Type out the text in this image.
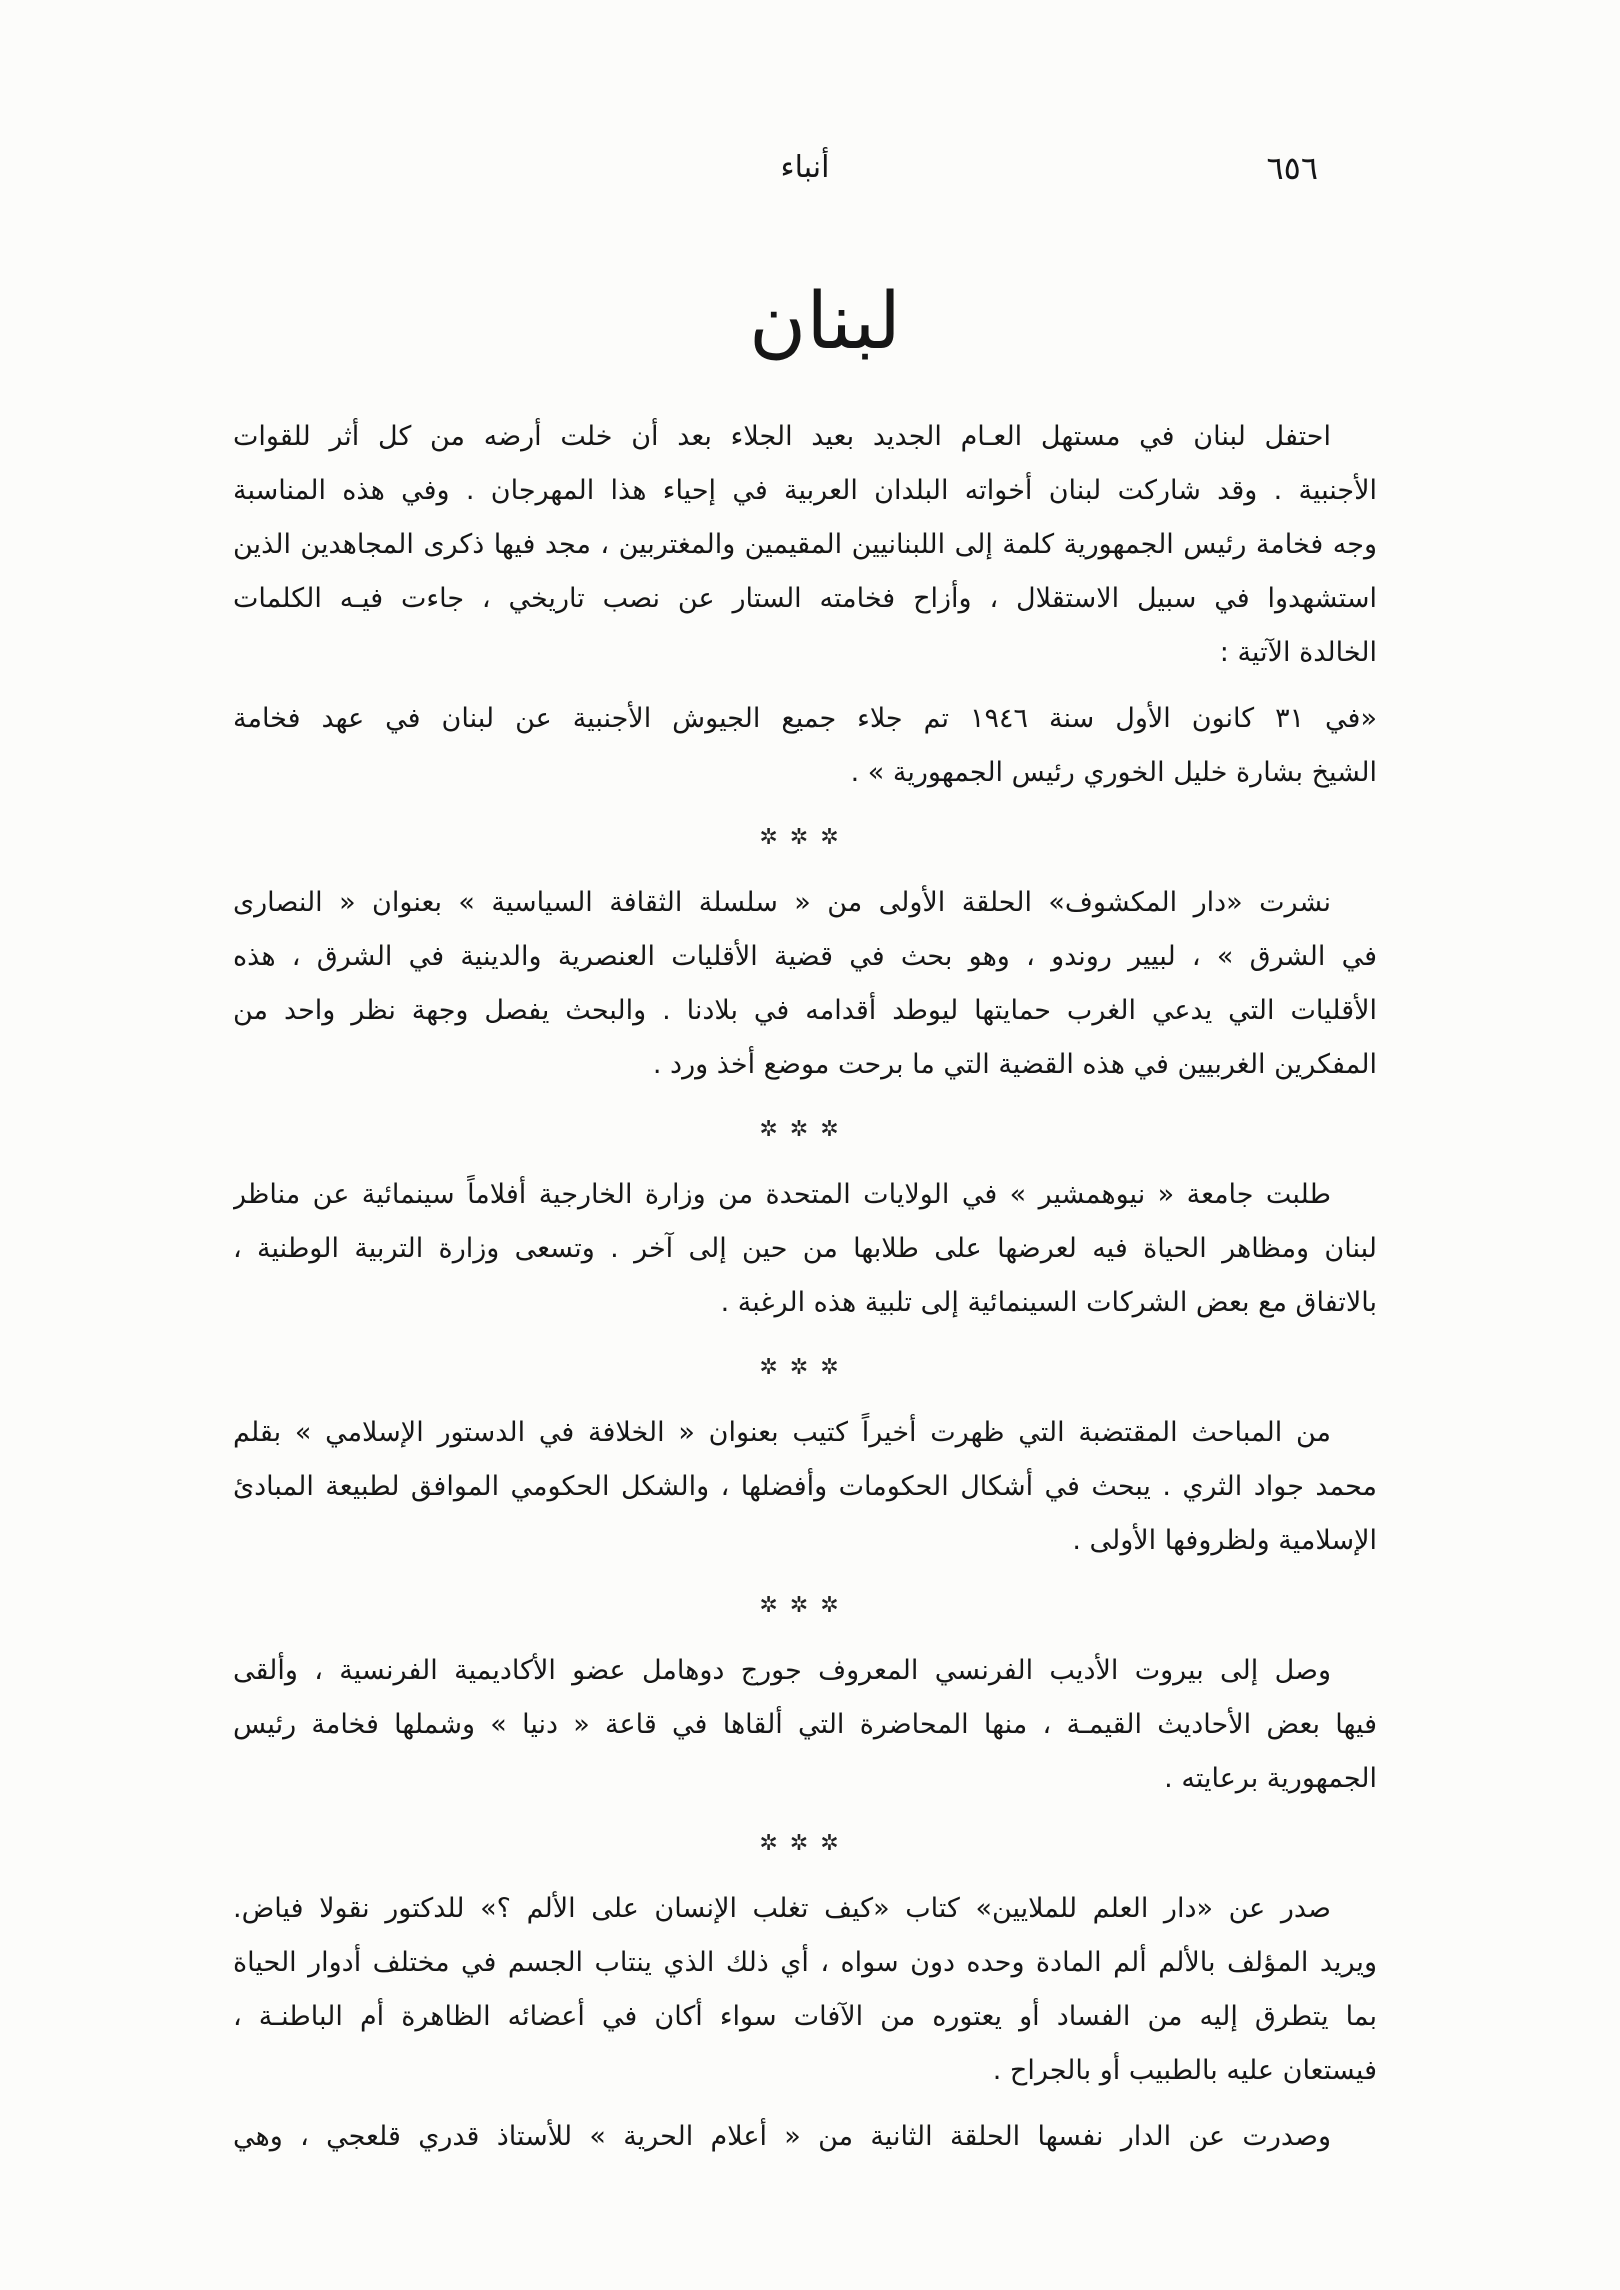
٦٥٦
أنباء
لبنان
احتفل لبنان في مستهل العـام الجديد بعيد الجلاء بعد أن خلت أرضه من كل أثر للقوات
الأجنبية . وقد شاركت لبنان أخواته البلدان العربية في إحياء هذا المهرجان . وفي هذه المناسبة
وجه فخامة رئيس الجمهورية كلمة إلى اللبنانيين المقيمين والمغتربين ، مجد فيها ذكرى المجاهدين الذين
استشهدوا في سبيل الاستقلال ، وأزاح فخامته الستار عن نصب تاريخي ، جاءت فيـه الكلمات
الخالدة الآتية :
«في ٣١ كانون الأول سنة ١٩٤٦ تم جلاء جميع الجيوش الأجنبية عن لبنان في عهد فخامة
الشيخ بشارة خليل الخوري رئيس الجمهورية » .
✲✲✲
نشرت «دار المكشوف» الحلقة الأولى من « سلسلة الثقافة السياسية » بعنوان « النصارى
في الشرق » ، لبيير روندو ، وهو بحث في قضية الأقليات العنصرية والدينية في الشرق ، هذه
الأقليات التي يدعي الغرب حمايتها ليوطد أقدامه في بلادنا . والبحث يفصل وجهة نظر واحد من
المفكرين الغربيين في هذه القضية التي ما برحت موضع أخذ ورد .
✲✲✲
طلبت جامعة « نيوهمشير » في الولايات المتحدة من وزارة الخارجية أفلاماً سينمائية عن مناظر
لبنان ومظاهر الحياة فيه لعرضها على طلابها من حين إلى آخر . وتسعى وزارة التربية الوطنية ،
بالاتفاق مع بعض الشركات السينمائية إلى تلبية هذه الرغبة .
✲✲✲
من المباحث المقتضبة التي ظهرت أخيراً كتيب بعنوان « الخلافة في الدستور الإسلامي » بقلم
محمد جواد الثري . يبحث في أشكال الحكومات وأفضلها ، والشكل الحكومي الموافق لطبيعة المبادئ
الإسلامية ولظروفها الأولى .
✲✲✲
وصل إلى بيروت الأديب الفرنسي المعروف جورج دوهامل عضو الأكاديمية الفرنسية ، وألقى
فيها بعض الأحاديث القيمـة ، منها المحاضرة التي ألقاها في قاعة « دنيا » وشملها فخامة رئيس
الجمهورية برعايته .
✲✲✲
صدر عن «دار العلم للملايين» كتاب «كيف تغلب الإنسان على الألم ؟» للدكتور نقولا فياض.
ويريد المؤلف بالألم ألم المادة وحده دون سواه ، أي ذلك الذي ينتاب الجسم في مختلف أدوار الحياة
بما يتطرق إليه من الفساد أو يعتوره من الآفات سواء أكان في أعضائه الظاهرة أم الباطنـة ،
فيستعان عليه بالطبيب أو بالجراح .
وصدرت عن الدار نفسها الحلقة الثانية من « أعلام الحرية » للأستاذ قدري قلعجي ، وهي
